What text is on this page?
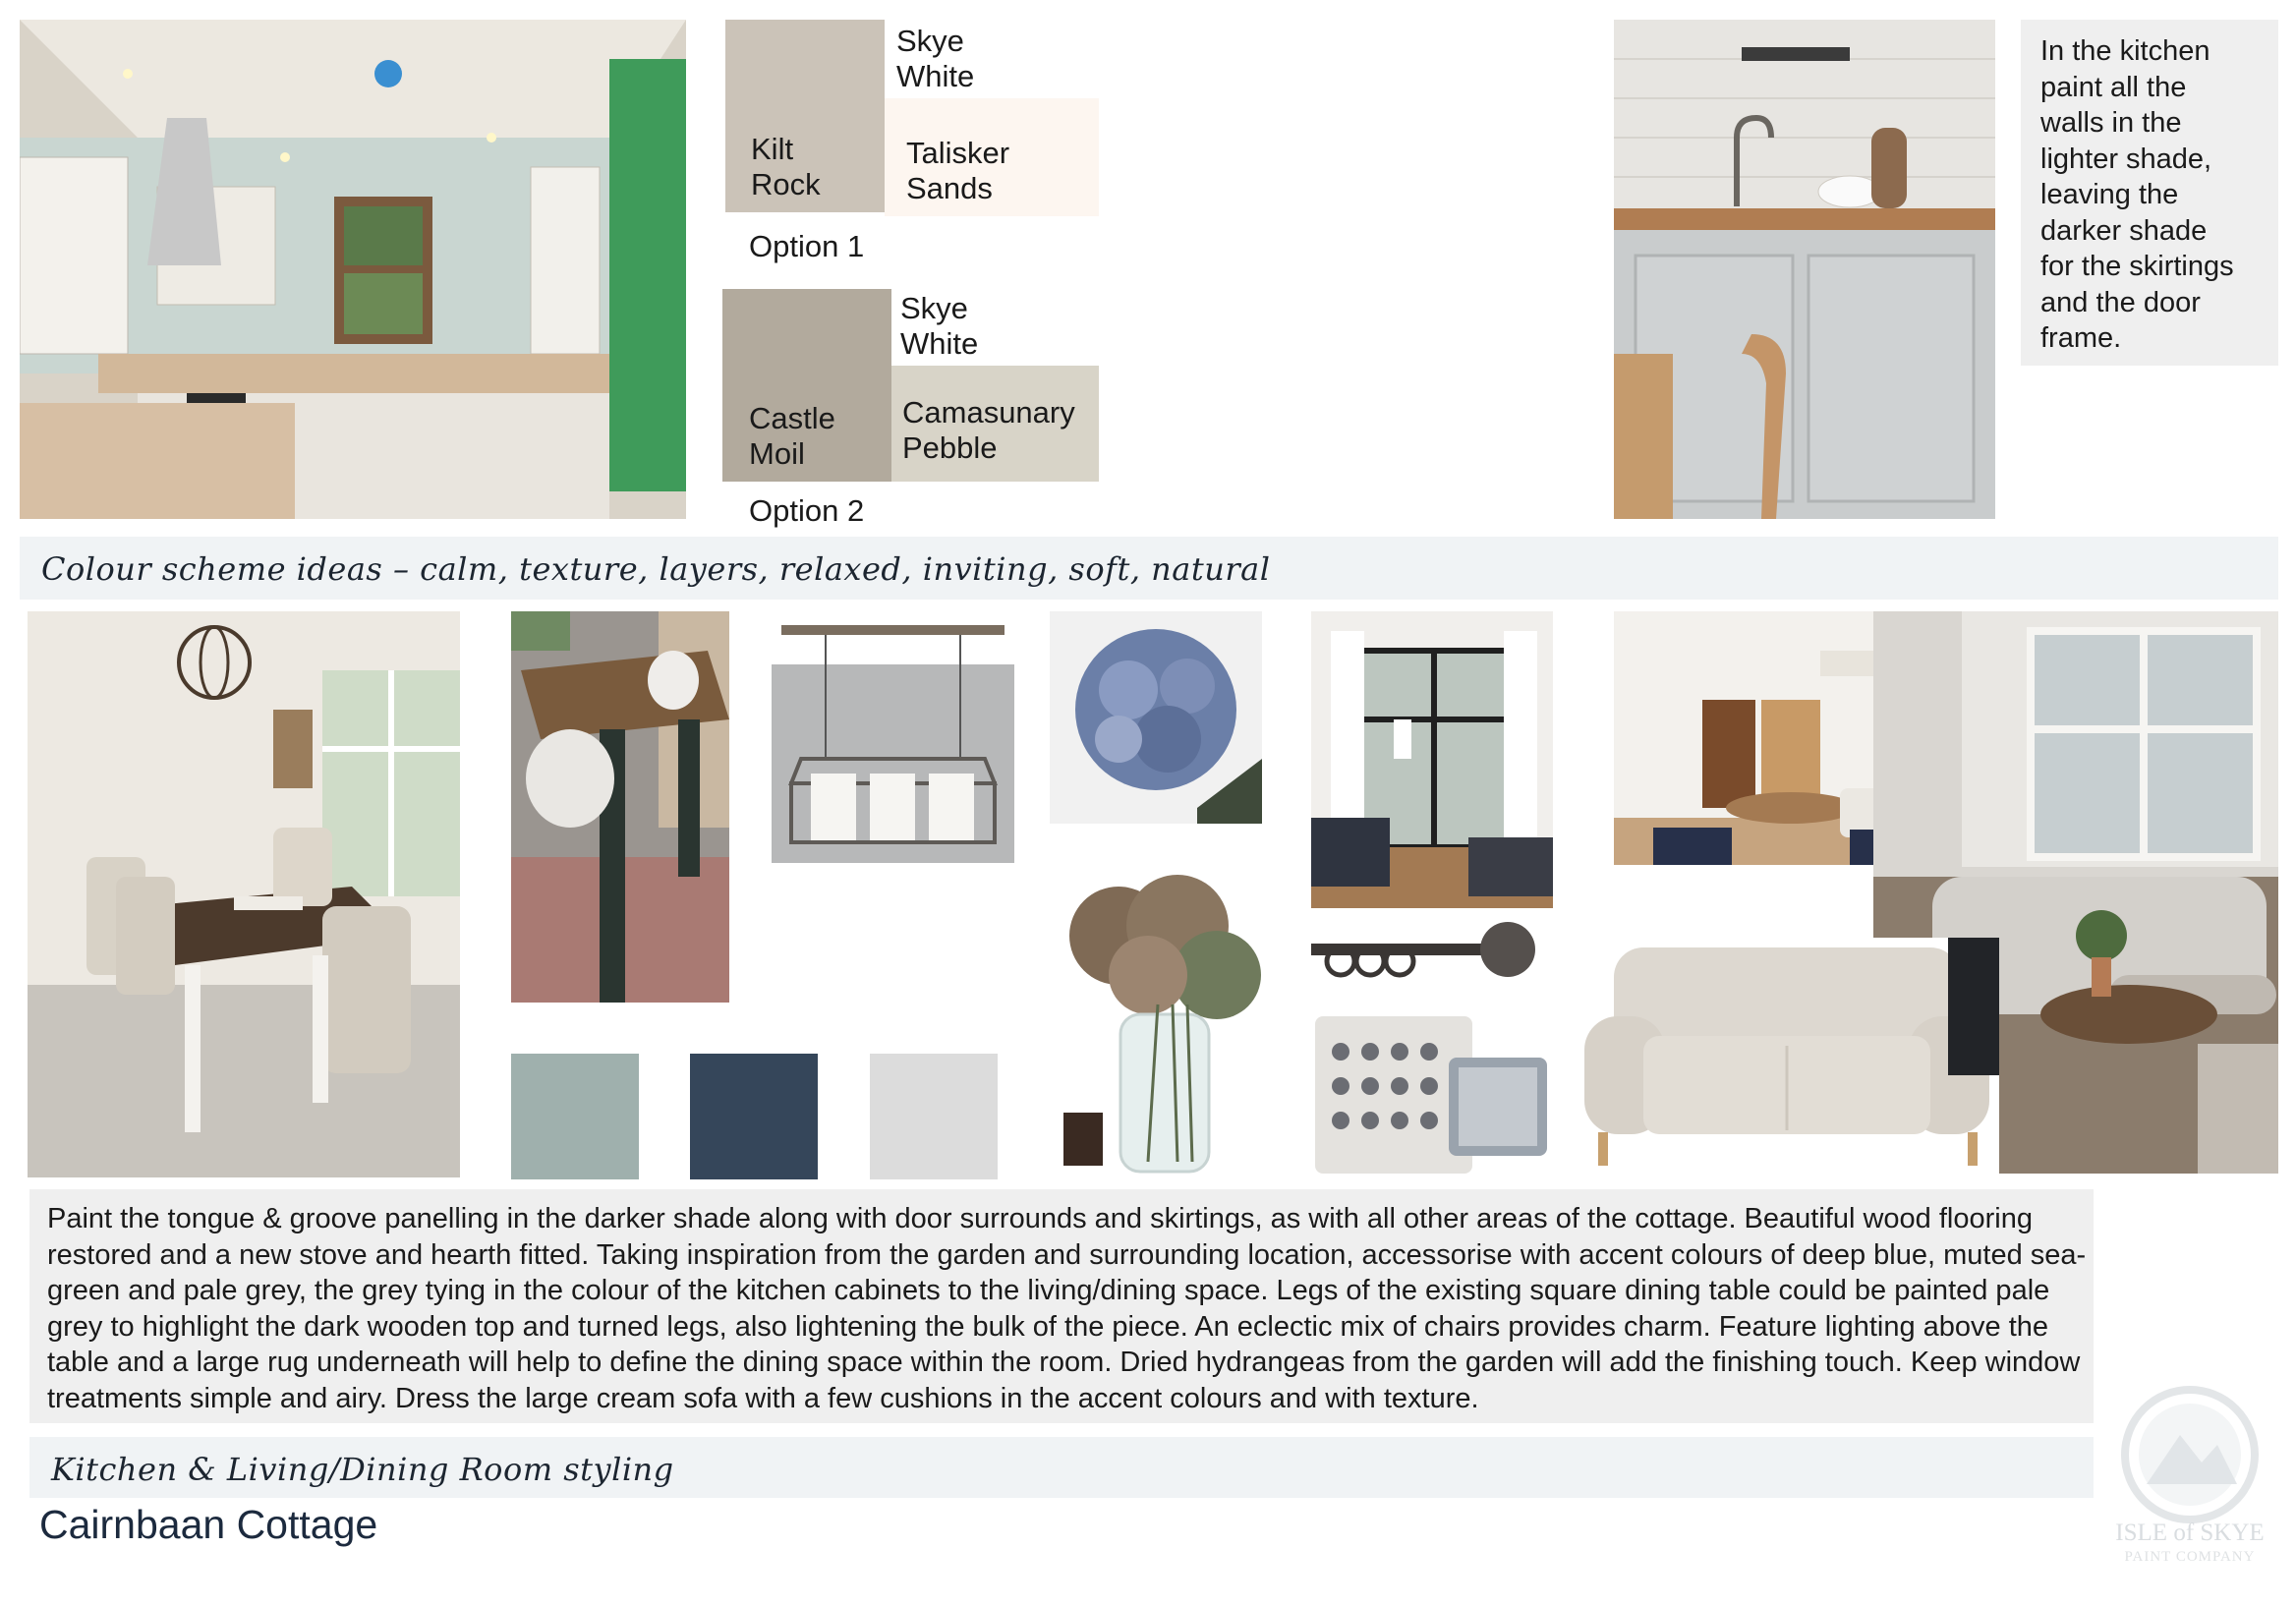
Skye
White
Talisker
Sands
Kilt
Rock
Option 1
Skye
White
Camasunary
Pebble
Castle
Moil
Option 2
In the kitchen
paint all the
walls in the
lighter shade,
leaving the
darker shade
for the skirtings
and the door
frame.
Colour scheme ideas – calm, texture, layers, relaxed, inviting, soft, natural

Paint the tongue & groove panelling in the darker shade along with door surrounds and skirtings, as with all other areas of the cottage. Beautiful wood flooring restored and a new stove and hearth fitted. Taking inspiration from the garden and surrounding location, accessorise with accent colours of deep blue, muted sea-green and pale grey, the grey tying in the colour of the kitchen cabinets to the living/dining space. Legs of the existing square dining table could be painted pale grey to highlight the dark wooden top and turned legs, also lightening the bulk of the piece. An eclectic mix of chairs provides charm. Feature lighting above the table and a large rug underneath will help to define the dining space within the room. Dried hydrangeas from the garden will add the finishing touch. Keep window treatments simple and airy. Dress the large cream sofa with a few cushions in the accent colours and with texture.

Kitchen & Living/Dining Room styling
Cairnbaan Cottage	ISLE of SKYE
PAINT COMPANY
